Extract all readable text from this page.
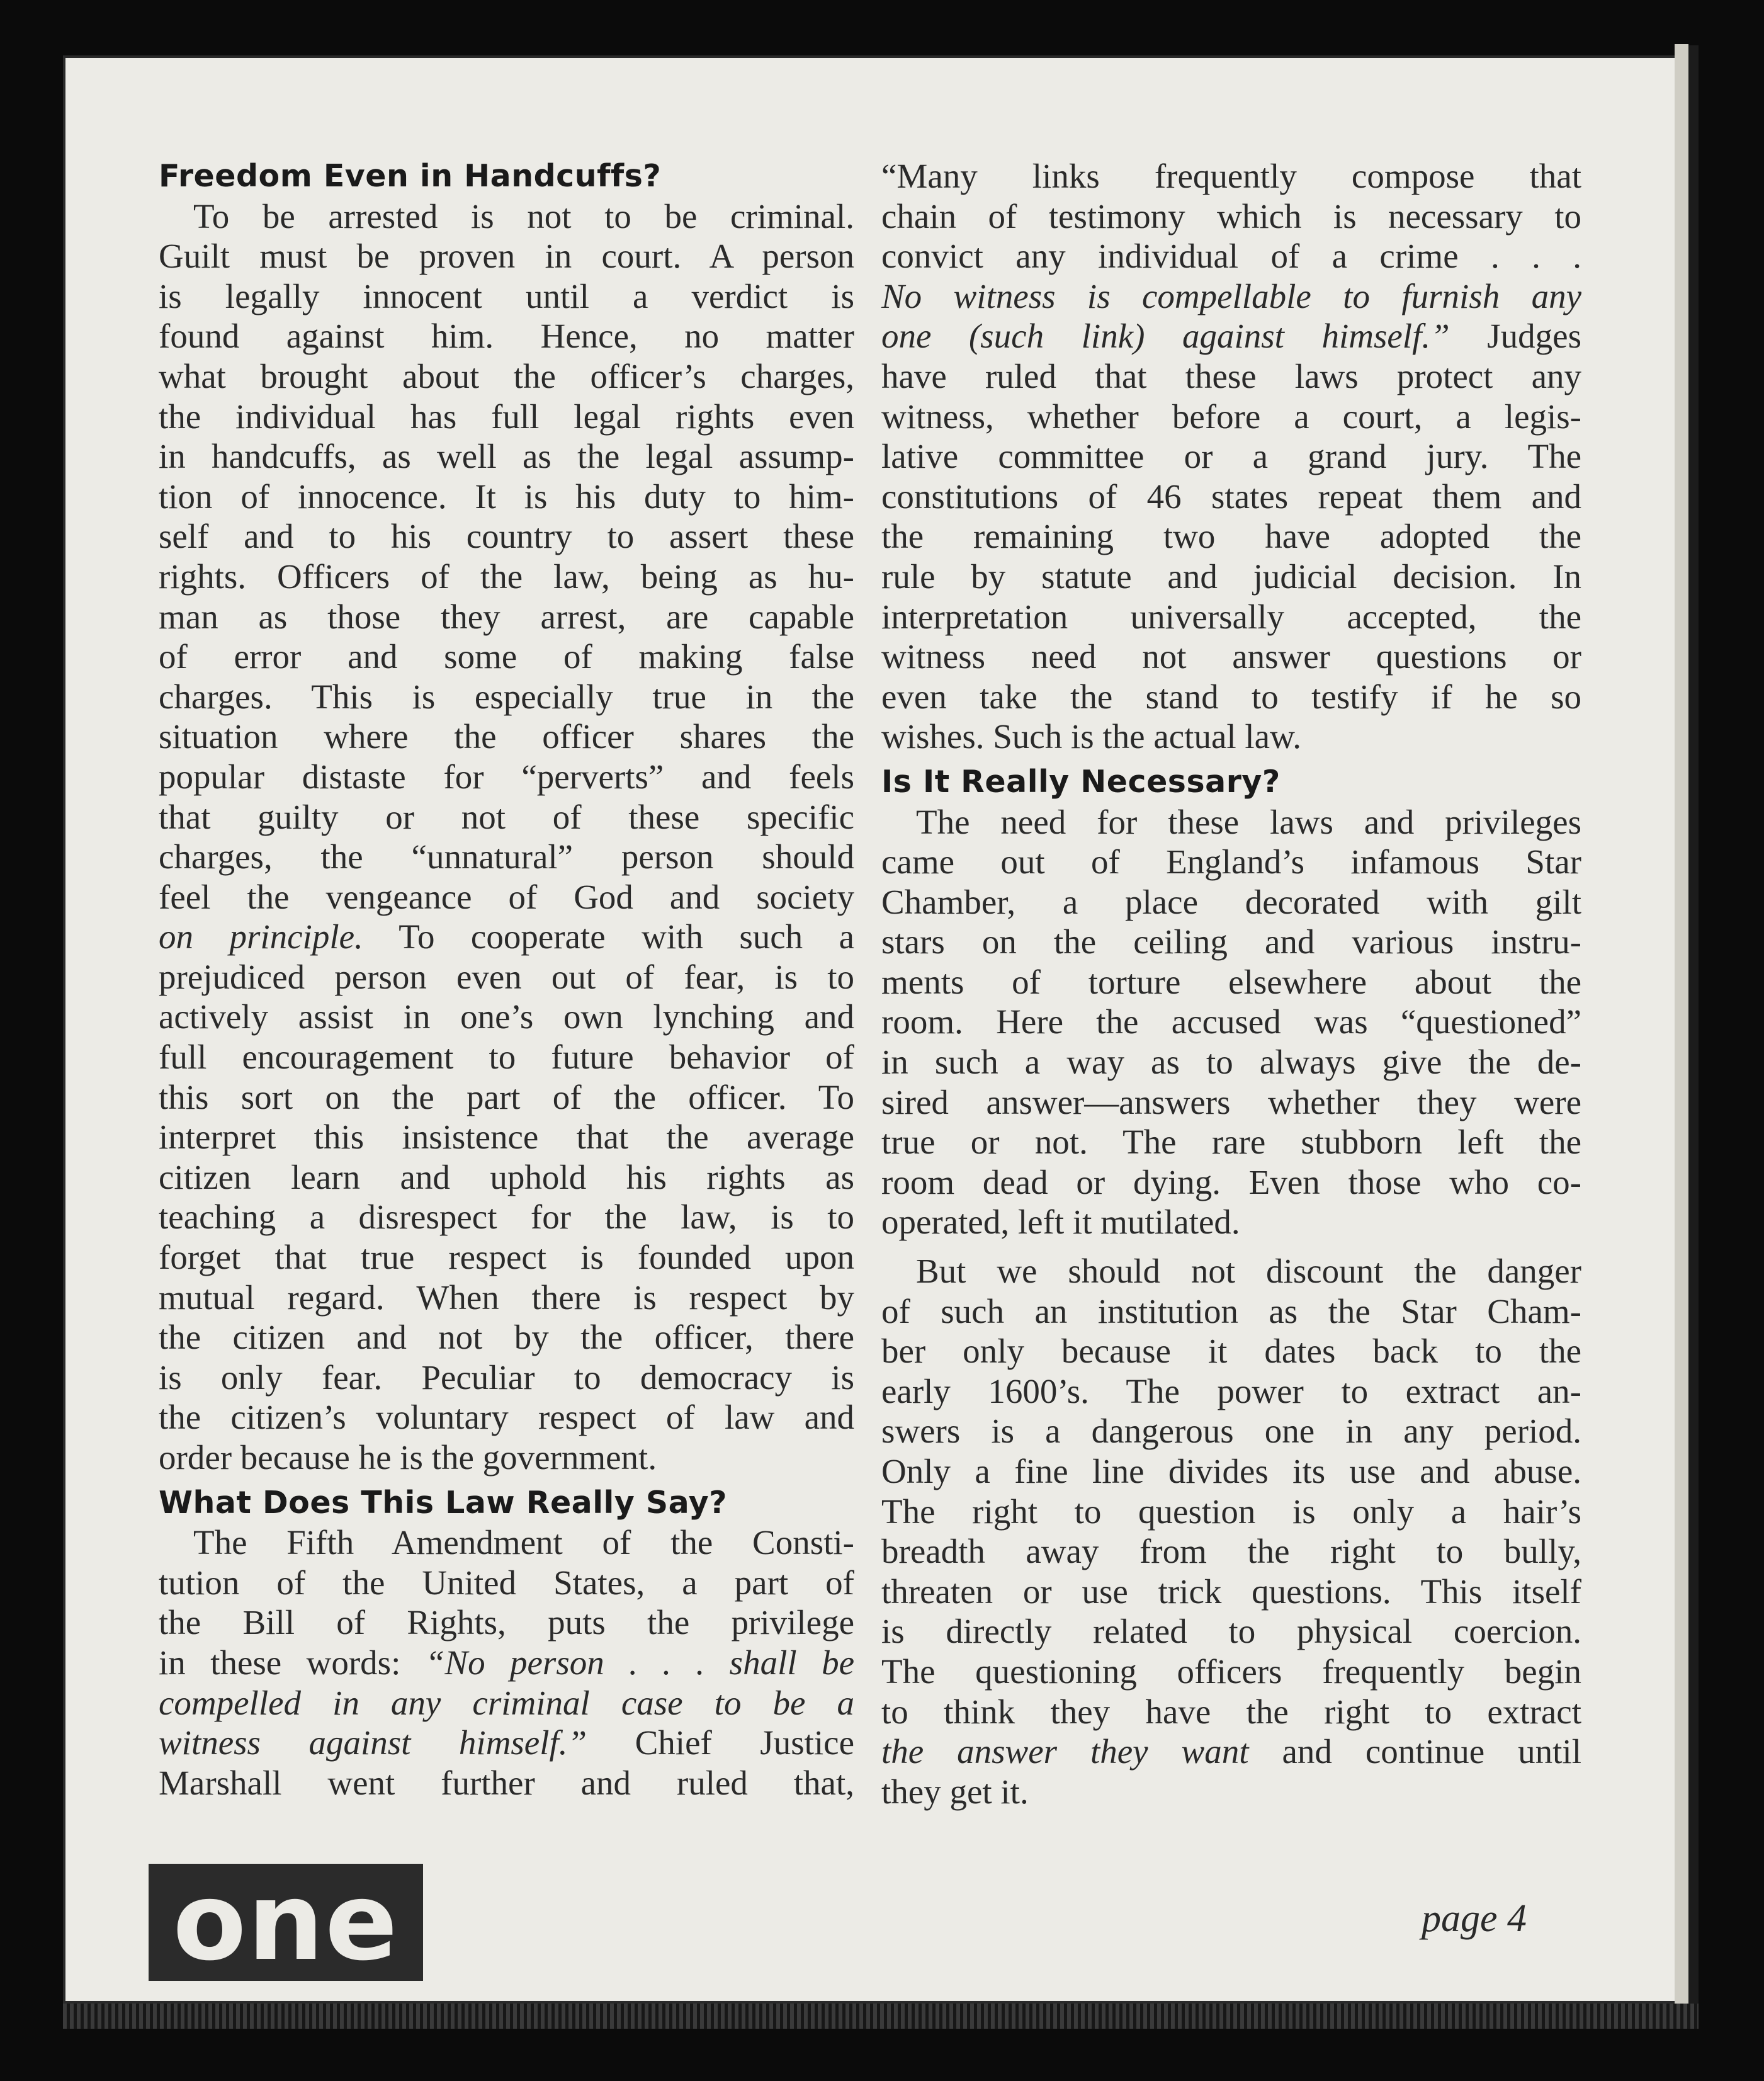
Freedom Even in Handcuffs?

To be arrested is not to be criminal.

Guilt must be proven in court. A person

is legally innocent until a verdict is

found against him. Hence, no matter

what brought about the officer’s charges,

the individual has full legal rights even

in handcuffs, as well as the legal assump-

tion of innocence. It is his duty to him-

self and to his country to assert these

rights. Officers of the law, being as hu-

man as those they arrest, are capable

of error and some of making false

charges. This is especially true in the

situation where the officer shares the

popular distaste for “perverts” and feels

that guilty or not of these specific

charges, the “unnatural” person should

feel the vengeance of God and society

on principle. To cooperate with such a

prejudiced person even out of fear, is to

actively assist in one’s own lynching and

full encouragement to future behavior of

this sort on the part of the officer. To

interpret this insistence that the average

citizen learn and uphold his rights as

teaching a disrespect for the law, is to

forget that true respect is founded upon

mutual regard. When there is respect by

the citizen and not by the officer, there

is only fear. Peculiar to democracy is

the citizen’s voluntary respect of law and

order because he is the government.

What Does This Law Really Say?

The Fifth Amendment of the Consti-

tution of the United States, a part of

the Bill of Rights, puts the privilege

in these words: “No person . . . shall be

compelled in any criminal case to be a

witness against himself.” Chief Justice

Marshall went further and ruled that,

“Many links frequently compose that

chain of testimony which is necessary to

convict any individual of a crime . . .

No witness is compellable to furnish any

one (such link) against himself.” Judges

have ruled that these laws protect any

witness, whether before a court, a legis-

lative committee or a grand jury. The

constitutions of 46 states repeat them and

the remaining two have adopted the

rule by statute and judicial decision. In

interpretation universally accepted, the

witness need not answer questions or

even take the stand to testify if he so

wishes. Such is the actual law.

Is It Really Necessary?

The need for these laws and privileges

came out of England’s infamous Star

Chamber, a place decorated with gilt

stars on the ceiling and various instru-

ments of torture elsewhere about the

room. Here the accused was “questioned”

in such a way as to always give the de-

sired answer—answers whether they were

true or not. The rare stubborn left the

room dead or dying. Even those who co-

operated, left it mutilated.

But we should not discount the danger

of such an institution as the Star Cham-

ber only because it dates back to the

early 1600’s. The power to extract an-

swers is a dangerous one in any period.

Only a fine line divides its use and abuse.

The right to question is only a hair’s

breadth away from the right to bully,

threaten or use trick questions. This itself

is directly related to physical coercion.

The questioning officers frequently begin

to think they have the right to extract

the answer they want and continue until

they get it.

one	page 4
